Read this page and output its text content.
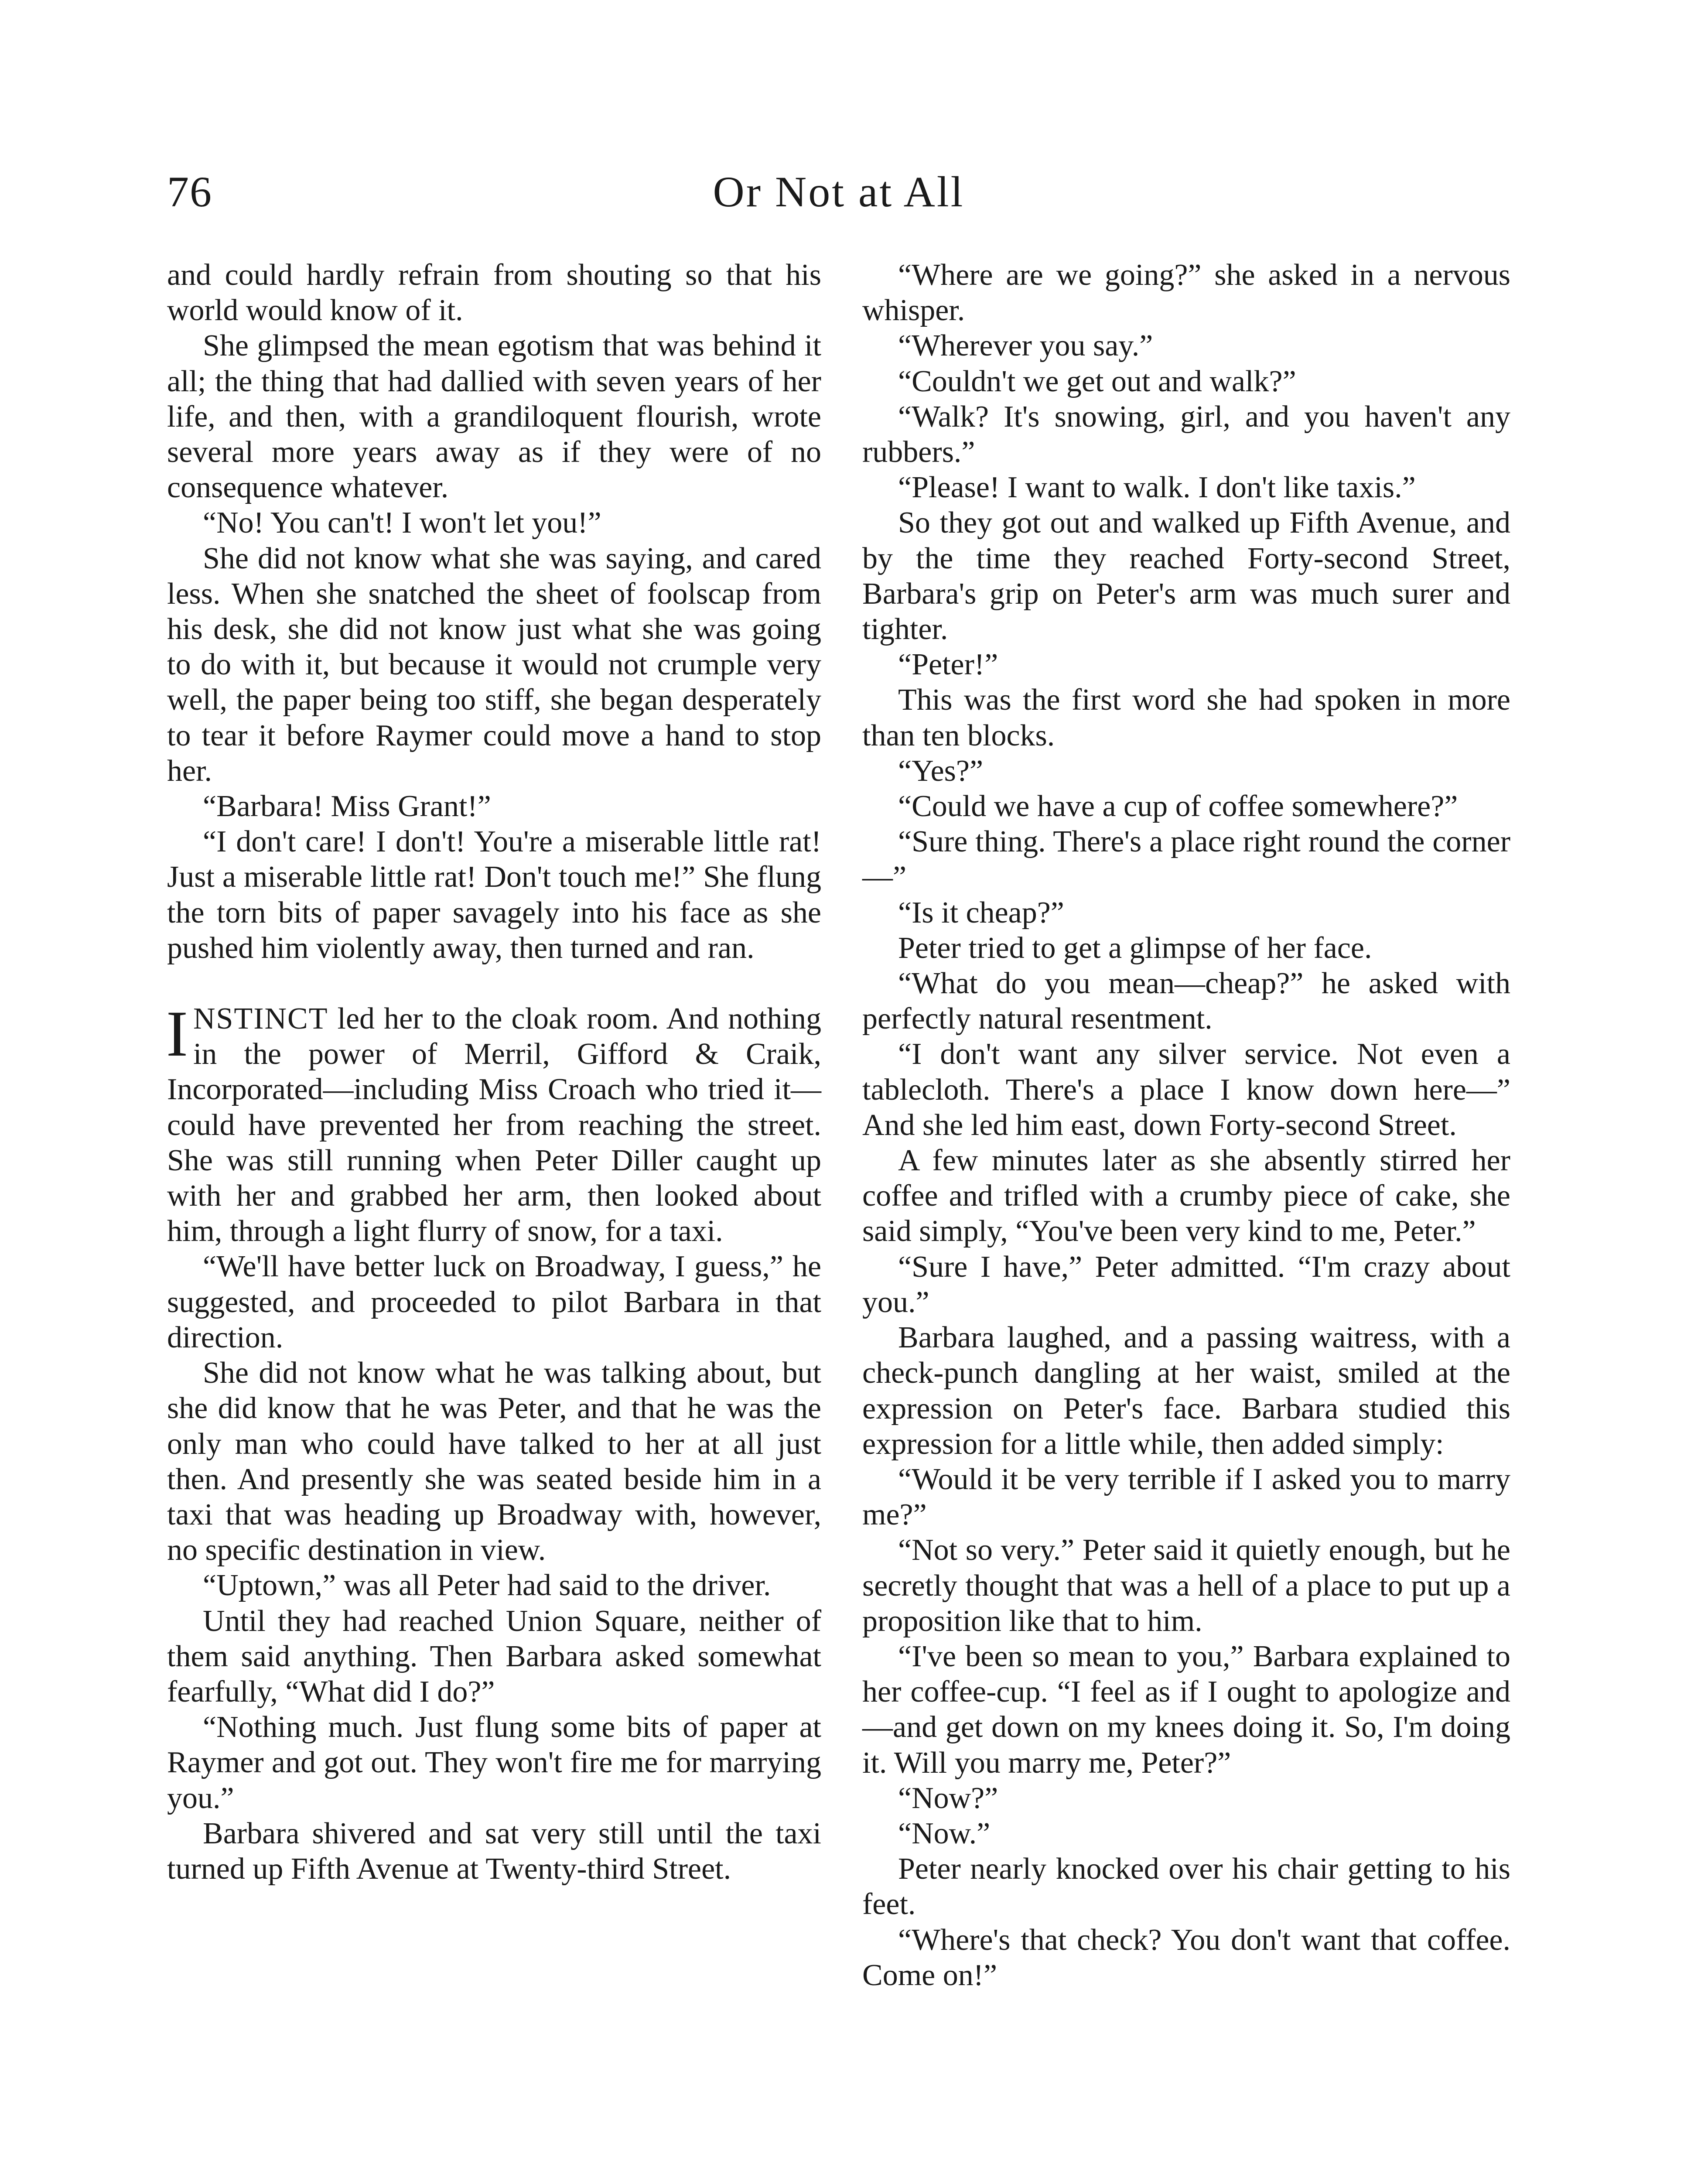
76	Or Not at All

and could hardly refrain from shouting so that his world would know of it.

She glimpsed the mean egotism that was behind it all; the thing that had dallied with seven years of her life, and then, with a grandiloquent flourish, wrote several more years away as if they were of no consequence whatever.

“No! You can't! I won't let you!”

She did not know what she was saying, and cared less. When she snatched the sheet of foolscap from his desk, she did not know just what she was going to do with it, but because it would not crumple very well, the paper being too stiff, she began desperately to tear it before Raymer could move a hand to stop her.

“Barbara! Miss Grant!”

“I don't care! I don't! You're a miserable little rat! Just a miserable little rat! Don't touch me!” She flung the torn bits of paper savagely into his face as she pushed him violently away, then turned and ran.

INSTINCT led her to the cloak room. And nothing in the power of Merril, Gifford & Craik, Incorporated—including Miss Croach who tried it—could have prevented her from reaching the street. She was still running when Peter Diller caught up with her and grabbed her arm, then looked about him, through a light flurry of snow, for a taxi.

“We'll have better luck on Broadway, I guess,” he suggested, and proceeded to pilot Barbara in that direction.

She did not know what he was talking about, but she did know that he was Peter, and that he was the only man who could have talked to her at all just then. And presently she was seated beside him in a taxi that was heading up Broadway with, however, no specific destination in view.

“Uptown,” was all Peter had said to the driver.

Until they had reached Union Square, neither of them said anything. Then Barbara asked somewhat fearfully, “What did I do?”

“Nothing much. Just flung some bits of paper at Raymer and got out. They won't fire me for marrying you.”

Barbara shivered and sat very still until the taxi turned up Fifth Avenue at Twenty-third Street.

“Where are we going?” she asked in a nervous whisper.

“Wherever you say.”

“Couldn't we get out and walk?”

“Walk? It's snowing, girl, and you haven't any rubbers.”

“Please! I want to walk. I don't like taxis.”

So they got out and walked up Fifth Avenue, and by the time they reached Forty-second Street, Barbara's grip on Peter's arm was much surer and tighter.

“Peter!”

This was the first word she had spoken in more than ten blocks.

“Yes?”

“Could we have a cup of coffee somewhere?”

“Sure thing. There's a place right round the corner—”

“Is it cheap?”

Peter tried to get a glimpse of her face.

“What do you mean—cheap?” he asked with perfectly natural resentment.

“I don't want any silver service. Not even a tablecloth. There's a place I know down here—” And she led him east, down Forty-second Street.

A few minutes later as she absently stirred her coffee and trifled with a crumby piece of cake, she said simply, “You've been very kind to me, Peter.”

“Sure I have,” Peter admitted. “I'm crazy about you.”

Barbara laughed, and a passing waitress, with a check-punch dangling at her waist, smiled at the expression on Peter's face. Barbara studied this expression for a little while, then added simply:

“Would it be very terrible if I asked you to marry me?”

“Not so very.” Peter said it quietly enough, but he secretly thought that was a hell of a place to put up a proposition like that to him.

“I've been so mean to you,” Barbara explained to her coffee-cup. “I feel as if I ought to apologize and—and get down on my knees doing it. So, I'm doing it. Will you marry me, Peter?”

“Now?”

“Now.”

Peter nearly knocked over his chair getting to his feet.

“Where's that check? You don't want that coffee. Come on!”
